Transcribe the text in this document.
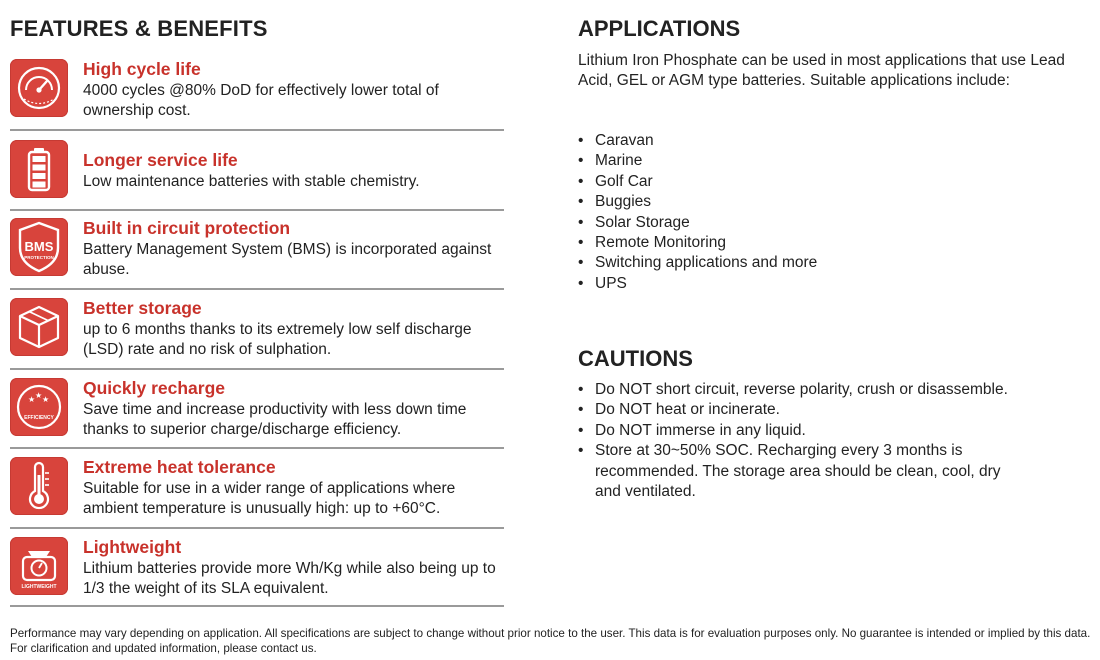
FEATURES & BENEFITS
High cycle life
4000 cycles @80% DoD for effectively lower total of ownership cost.
Longer service life
Low maintenance batteries with stable chemistry.
BMS
PROTECTION
Built in circuit protection
Battery Management System (BMS) is incorporated against abuse.
Better storage
up to 6 months thanks to its extremely low self discharge (LSD) rate and no risk of sulphation.
★ ★ ★
EFFICIENCY
Quickly recharge
Save time and increase productivity with less down time thanks to superior charge/discharge efficiency.
Extreme heat tolerance
Suitable for use in a wider range of applications where ambient temperature is unusually high: up to +60°C.
LIGHTWEIGHT
Lightweight
Lithium batteries provide more Wh/Kg while also being up to 1/3 the weight of its SLA equivalent.
APPLICATIONS
Lithium Iron Phosphate can be used in most applications that use Lead Acid, GEL or AGM type batteries. Suitable applications include:
• Caravan
• Marine
• Golf Car
• Buggies
• Solar Storage
• Remote Monitoring
• Switching applications and more
• UPS
CAUTIONS
• Do NOT short circuit, reverse polarity, crush or disassemble.
• Do NOT heat or incinerate.
• Do NOT immerse in any liquid.
• Store at 30~50% SOC. Recharging every 3 months is recommended. The storage area should be clean, cool, dry and ventilated.
Performance may vary depending on application. All specifications are subject to change without prior notice to the user. This data is for evaluation purposes only. No guarantee is intended or implied by this data. For clarification and updated information, please contact us.
